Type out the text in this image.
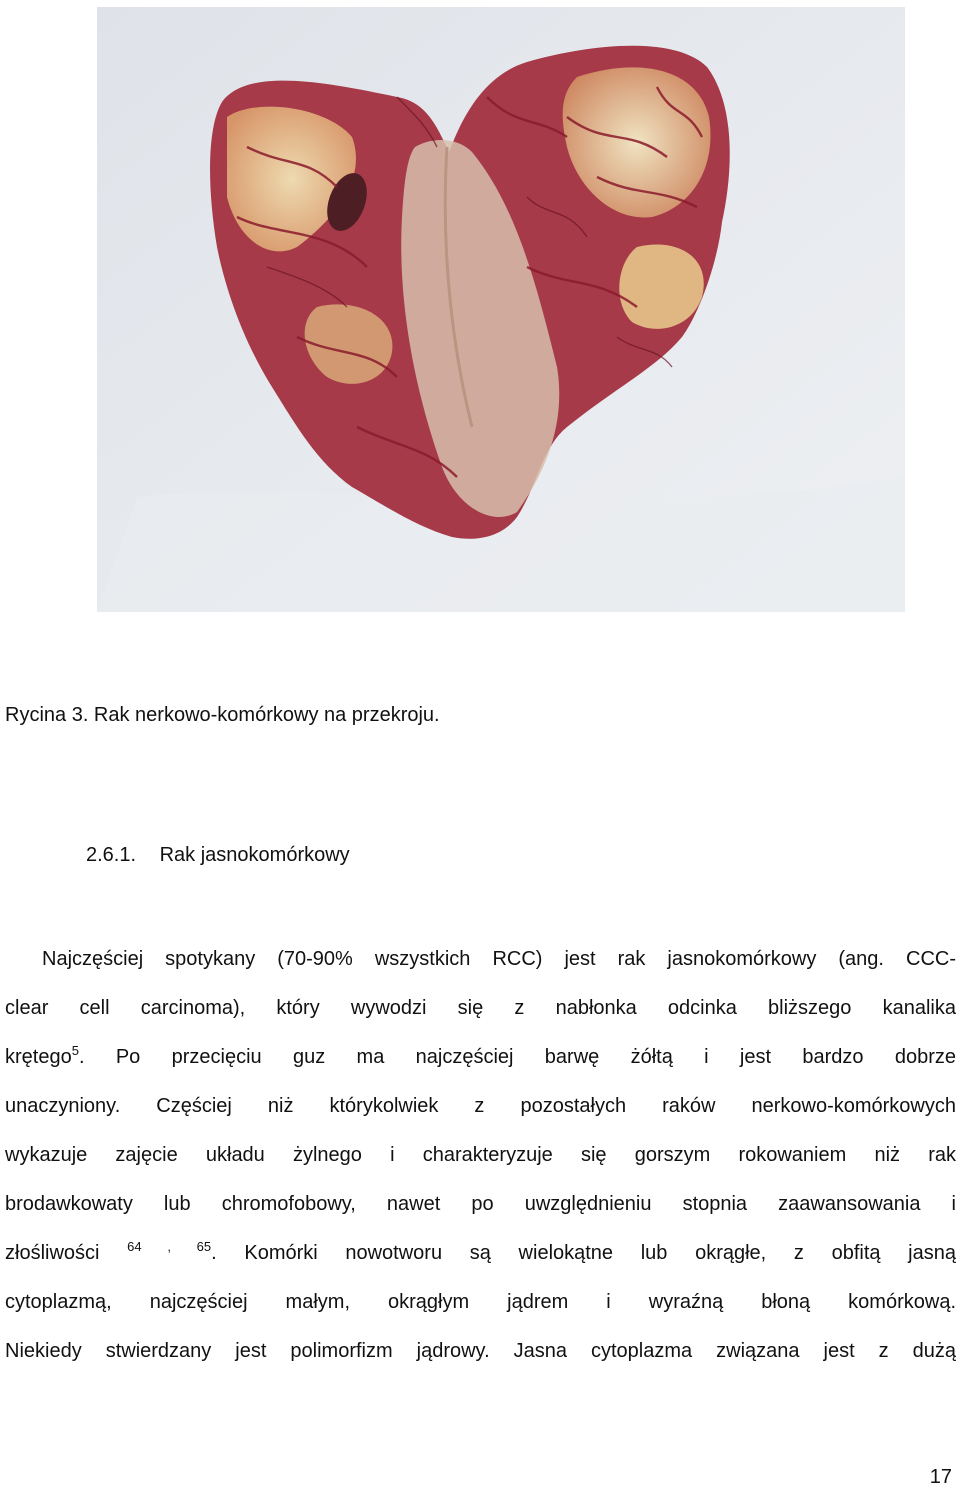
Rycina 3. Rak nerkowo-komórkowy na przekroju.
2.6.1. Rak jasnokomórkowy
Najczęściej spotykany (70-90% wszystkich RCC) jest rak jasnokomórkowy (ang. CCC-
clear cell carcinoma), który wywodzi się z nabłonka odcinka bliższego kanalika
krętego$^5$. Po przecięciu guz ma najczęściej barwę żółtą i jest bardzo dobrze
unaczyniony. Częściej niż którykolwiek z pozostałych raków nerkowo-komórkowych
wykazuje zajęcie układu żylnego i charakteryzuje się gorszym rokowaniem niż rak
brodawkowaty lub chromofobowy, nawet po uwzględnieniu stopnia zaawansowania i
złośliwości $^{64 , 65}$. Komórki nowotworu są wielokątne lub okrągłe, z obfitą jasną
cytoplazmą, najczęściej małym, okrągłym jądrem i wyraźną błoną komórkową.
Niekiedy stwierdzany jest polimorfizm jądrowy. Jasna cytoplazma związana jest z dużą
17
